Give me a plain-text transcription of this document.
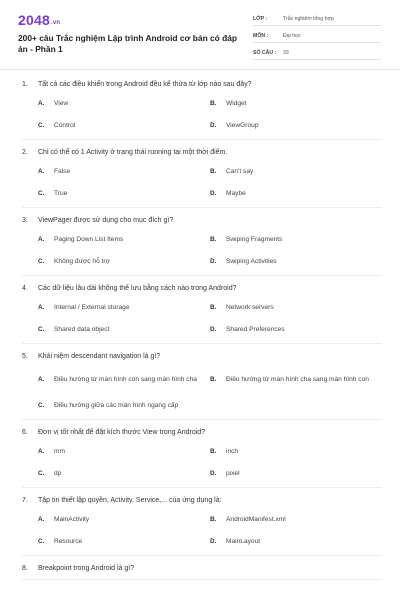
2048.vn
200+ câu Trắc nghiệm Lập trình Android cơ bản có đáp án - Phần 1
LỚP :	Trắc nghiệm tổng hợp
MÔN :	Đại học
SỐ CÂU :	33
1.	Tất cả các điều khiển trong Android đều kế thừa từ lớp nào sau đây?
A.	View	B.	Widget
C.	Control	D.	ViewGroup
2.	Chỉ có thể có 1 Activity ở trạng thái running tại một thời điểm.
A.	False	B.	Can't say
C.	True	D.	Maybe
3.	ViewPager được sử dụng cho mục đích gì?
A.	Paging Down List Items	B.	Swiping Fragments
C.	Không được hỗ trợ	D.	Swiping Activities
4.	Các dữ liệu lâu dài không thể lưu bằng cách nào trong Android?
A.	Internal / External storage	B.	Network servers
C.	Shared data object	D.	Shared Preferences
5.	Khái niệm descendant navigation là gì?
A.	Điều hướng từ màn hình con sang màn hình cha	B.	Điều hướng từ màn hình cha sang màn hình con
C.	Điều hướng giữa các màn hình ngang cấp
6.	Đơn vị tốt nhất để đặt kích thước View trong Android?
A.	mm	B.	inch
C.	dp	D.	pixel
7.	Tập tin thiết lập quyền, Activity, Service,... của ứng dụng là:
A.	MainActivity	B.	AndroidManifest.xml
C.	Resource	D.	MainLayout
8.	Breakpoint trong Android là gì?
